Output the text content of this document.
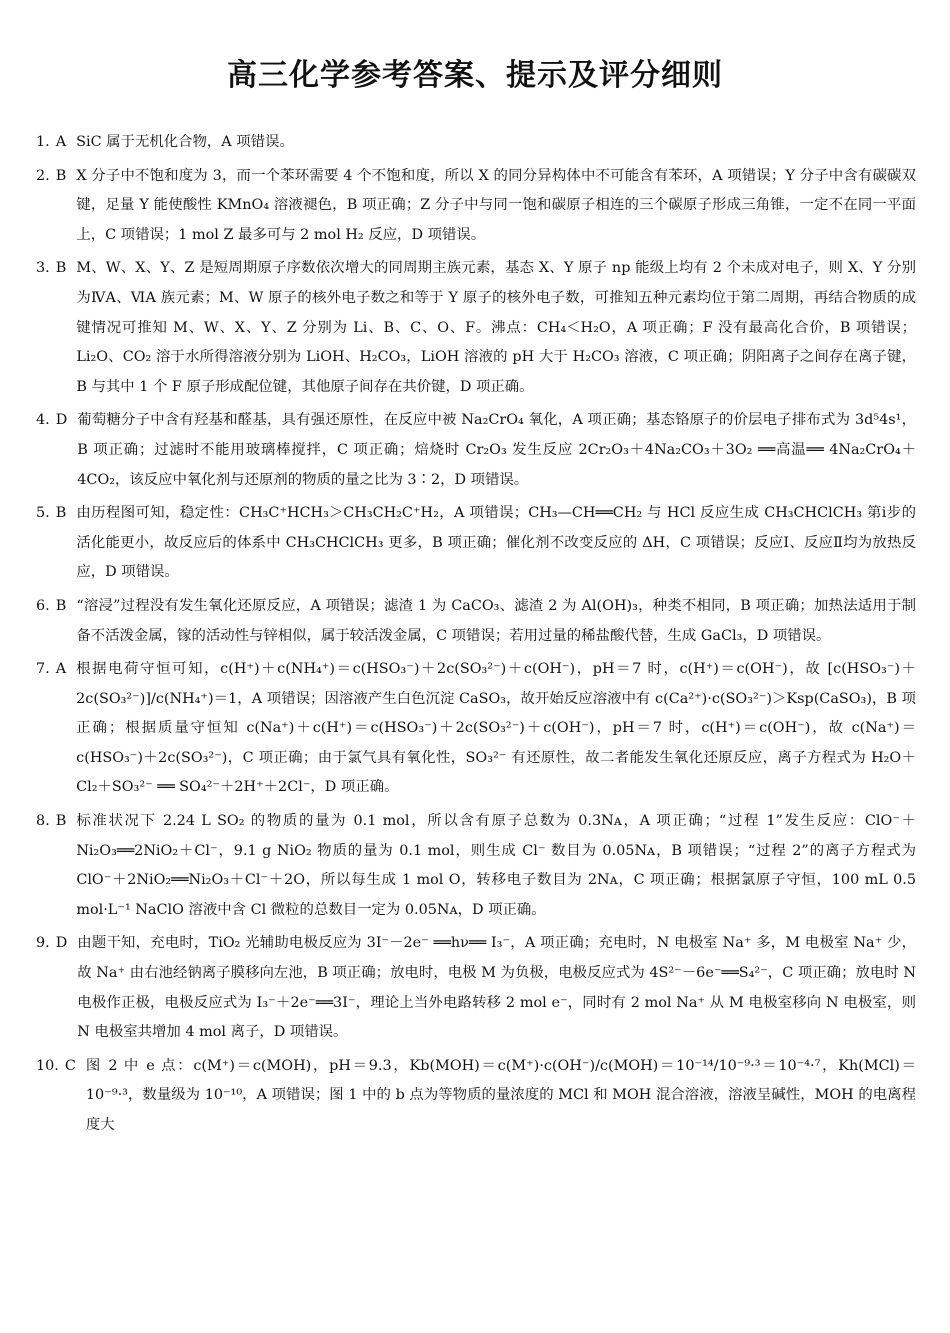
高三化学参考答案、提示及评分细则
1. A SiC 属于无机化合物，A 项错误。
2. B X 分子中不饱和度为 3，而一个苯环需要 4 个不饱和度，所以 X 的同分异构体中不可能含有苯环，A 项错误；Y 分子中含有碳碳双键，足量 Y 能使酸性 KMnO₄ 溶液褪色，B 项正确；Z 分子中与同一饱和碳原子相连的三个碳原子形成三角锥，一定不在同一平面上，C 项错误；1 mol Z 最多可与 2 mol H₂ 反应，D 项错误。
3. B M、W、X、Y、Z 是短周期原子序数依次增大的同周期主族元素，基态 X、Y 原子 np 能级上均有 2 个未成对电子，则 X、Y 分别为ⅣA、ⅥA 族元素；M、W 原子的核外电子数之和等于 Y 原子的核外电子数，可推知五种元素均位于第二周期，再结合物质的成键情况可推知 M、W、X、Y、Z 分别为 Li、B、C、O、F。沸点：CH₄＜H₂O，A 项正确；F 没有最高化合价，B 项错误；Li₂O、CO₂ 溶于水所得溶液分别为 LiOH、H₂CO₃，LiOH 溶液的 pH 大于 H₂CO₃ 溶液，C 项正确；阴阳离子之间存在离子键，B 与其中 1 个 F 原子形成配位键，其他原子间存在共价键，D 项正确。
4. D 葡萄糖分子中含有羟基和醛基，具有强还原性，在反应中被 Na₂CrO₄ 氧化，A 项正确；基态铬原子的价层电子排布式为 3d⁵4s¹，B 项正确；过滤时不能用玻璃棒搅拌，C 项正确；焙烧时 Cr₂O₃ 发生反应 2Cr₂O₃＋4Na₂CO₃＋3O₂ ══高温══ 4Na₂CrO₄＋4CO₂，该反应中氧化剂与还原剂的物质的量之比为 3∶2，D 项错误。
5. B 由历程图可知，稳定性：CH₃C⁺HCH₃＞CH₃CH₂C⁺H₂，A 项错误；CH₃—CH══CH₂ 与 HCl 反应生成 CH₃CHClCH₃ 第ⅰ步的活化能更小，故反应后的体系中 CH₃CHClCH₃ 更多，B 项正确；催化剂不改变反应的 ΔH，C 项错误；反应Ⅰ、反应Ⅱ均为放热反应，D 项错误。
6. B “溶浸”过程没有发生氧化还原反应，A 项错误；滤渣 1 为 CaCO₃、滤渣 2 为 Al(OH)₃，种类不相同，B 项正确；加热法适用于制备不活泼金属，镓的活动性与锌相似，属于较活泼金属，C 项错误；若用过量的稀盐酸代替，生成 GaCl₃，D 项错误。
7. A 根据电荷守恒可知，c(H⁺)＋c(NH₄⁺)＝c(HSO₃⁻)＋2c(SO₃²⁻)＋c(OH⁻)，pH＝7 时，c(H⁺)＝c(OH⁻)，故 [c(HSO₃⁻)＋2c(SO₃²⁻)]/c(NH₄⁺)＝1，A 项错误；因溶液产生白色沉淀 CaSO₃，故开始反应溶液中有 c(Ca²⁺)·c(SO₃²⁻)＞Ksp(CaSO₃)，B 项正确；根据质量守恒知 c(Na⁺)＋c(H⁺)＝c(HSO₃⁻)＋2c(SO₃²⁻)＋c(OH⁻)，pH＝7 时，c(H⁺)＝c(OH⁻)，故 c(Na⁺)＝c(HSO₃⁻)＋2c(SO₃²⁻)，C 项正确；由于氯气具有氧化性，SO₃²⁻ 有还原性，故二者能发生氧化还原反应，离子方程式为 H₂O＋Cl₂＋SO₃²⁻ ══ SO₄²⁻＋2H⁺＋2Cl⁻，D 项正确。
8. B 标准状况下 2.24 L SO₂ 的物质的量为 0.1 mol，所以含有原子总数为 0.3Nᴀ，A 项正确；“过程 1”发生反应：ClO⁻＋Ni₂O₃══2NiO₂＋Cl⁻，9.1 g NiO₂ 物质的量为 0.1 mol，则生成 Cl⁻ 数目为 0.05Nᴀ，B 项错误；“过程 2”的离子方程式为 ClO⁻＋2NiO₂══Ni₂O₃＋Cl⁻＋2O，所以每生成 1 mol O，转移电子数目为 2Nᴀ，C 项正确；根据氯原子守恒，100 mL 0.5 mol·L⁻¹ NaClO 溶液中含 Cl 微粒的总数目一定为 0.05Nᴀ，D 项正确。
9. D 由题干知，充电时，TiO₂ 光辅助电极反应为 3I⁻－2e⁻ ══hν══ I₃⁻，A 项正确；充电时，N 电极室 Na⁺ 多，M 电极室 Na⁺ 少，故 Na⁺ 由右池经钠离子膜移向左池，B 项正确；放电时，电极 M 为负极，电极反应式为 4S²⁻－6e⁻══S₄²⁻，C 项正确；放电时 N 电极作正极，电极反应式为 I₃⁻＋2e⁻══3I⁻，理论上当外电路转移 2 mol e⁻，同时有 2 mol Na⁺ 从 M 电极室移向 N 电极室，则 N 电极室共增加 4 mol 离子，D 项错误。
10. C 图 2 中 e 点：c(M⁺)＝c(MOH)，pH＝9.3，Kb(MOH)＝c(M⁺)·c(OH⁻)/c(MOH)＝10⁻¹⁴/10⁻⁹·³＝10⁻⁴·⁷，Kh(MCl)＝10⁻⁹·³，数量级为 10⁻¹⁰，A 项错误；图 1 中的 b 点为等物质的量浓度的 MCl 和 MOH 混合溶液，溶液呈碱性，MOH 的电离程度大
